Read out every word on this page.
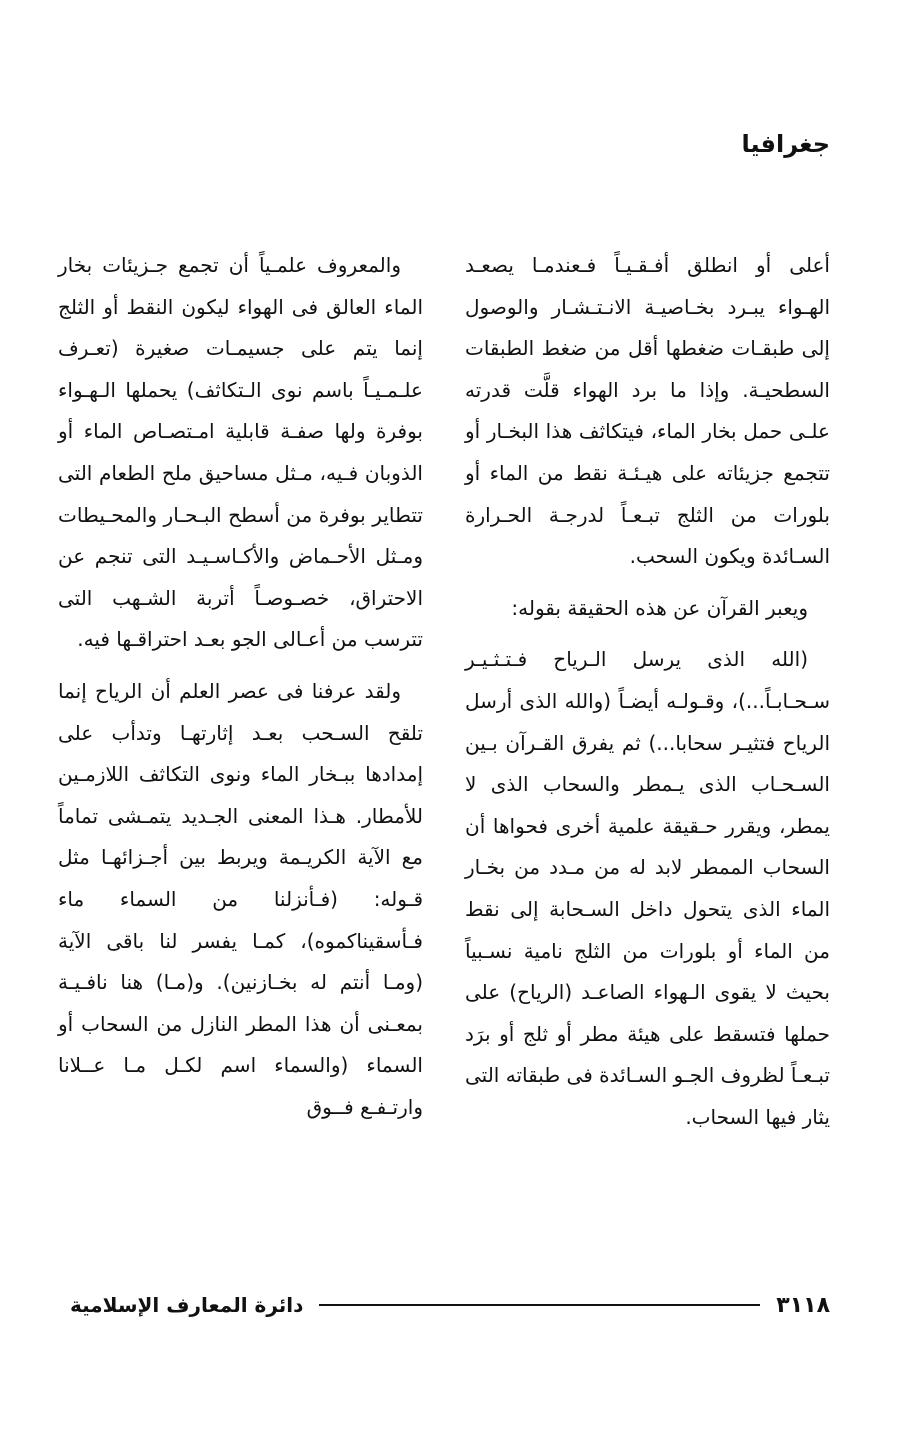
جغرافيا

أعلى أو انطلق أفـقـيـاً فـعندمـا يصعـد الهـواء يبـرد بخـاصيـة الانـتـشـار والوصول إلى طبقـات ضغطها أقل من ضغط الطبقات السطحيـة. وإذا ما برد الهواء قلَّت قدرته علـى حمل بخار الماء، فيتكاثف هذا البخـار أو تتجمع جزيئاته على هيـئـة نقط من الماء أو بلورات من الثلج تبـعـاً لدرجـة الحـرارة السـائدة ويكون السحب.

ويعبر القرآن عن هذه الحقيقة بقوله:

(الله الذى يرسل الـرياح فـتـثـيـر سـحـابـاً...)، وقـولـه أيضـاً (والله الذى أرسل الرياح فتثيـر سحابا...) ثم يفرق القـرآن بـين السـحـاب الذى يـمطر والسحاب الذى لا يمطر، ويقرر حـقيقة علمية أخرى فحواها أن السحاب الممطر لابد له من مـدد من بخـار الماء الذى يتحول داخل السـحابة إلى نقط من الماء أو بلورات من الثلج نامية نسـبياً بحيث لا يقوى الـهواء الصاعـد (الرياح) على حملها فتسقط على هيئة مطر أو ثلج أو برَد تبـعـاً لظروف الجـو السـائدة فى طبقاته التى يثار فيها السحاب.

والمعروف علمـياً أن تجمع جـزيئات بخار الماء العالق فى الهواء ليكون النقط أو الثلج إنما يتم على جسيمـات صغيرة (تعـرف علـمـيـاً باسم نوى الـتكاثف) يحملها الـهـواء بوفرة ولها صفـة قابلية امـتصـاص الماء أو الذوبان فـيه، مـثل مساحيق ملح الطعام التى تتطاير بوفرة من أسطح البـحـار والمحـيطات ومـثل الأحـماض والأكـاسـيـد التى تنجم عن الاحتراق، خصـوصـاً أتربة الشـهب التى تترسب من أعـالى الجو بعـد احتراقـها فيه.

ولقد عرفنا فى عصر العلم أن الرياح إنما تلقح السـحب بعـد إثارتهـا وتدأب على إمدادها ببـخار الماء ونوى التكاثف اللازمـين للأمطار. هـذا المعنى الجـديد يتمـشى تماماً مع الآية الكريـمة ويربط بين أجـزائهـا مثل قـوله: (فـأنزلنا من السماء ماء فـأسقيناكموه)، كمـا يفسر لنا باقى الآية (ومـا أنتم له بخـازنين). و(مـا) هنا نافـيـة بمعـنى أن هذا المطر النازل من السحاب أو السماء (والسماء اسم لكـل مـا عــلانا وارتـفـع فــوق

٣١١٨
دائرة المعارف الإسلامية
